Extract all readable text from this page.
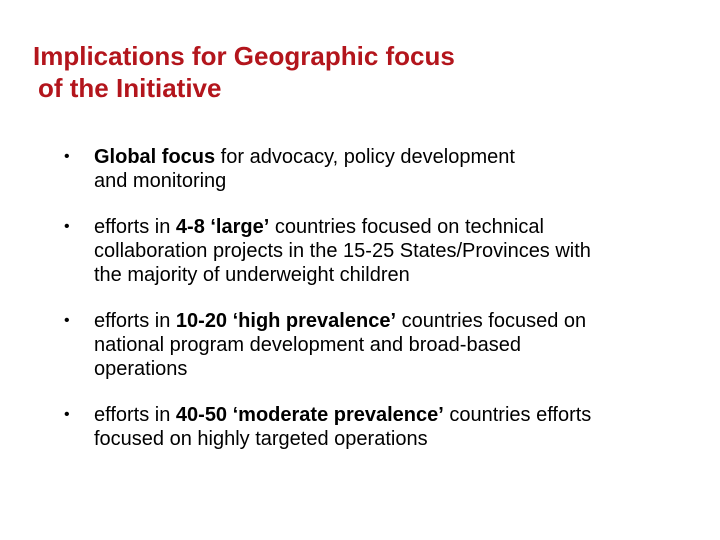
Implications for Geographic focus
of the Initiative
• Global focus for advocacy, policy development
and monitoring
• efforts in 4-8 ‘large’ countries focused on technical
collaboration projects in the 15-25 States/Provinces with
the majority of underweight children
• efforts in 10-20 ‘high prevalence’ countries focused on
national program development and broad-based
operations
• efforts in 40-50 ‘moderate prevalence’ countries efforts
focused on highly targeted operations
